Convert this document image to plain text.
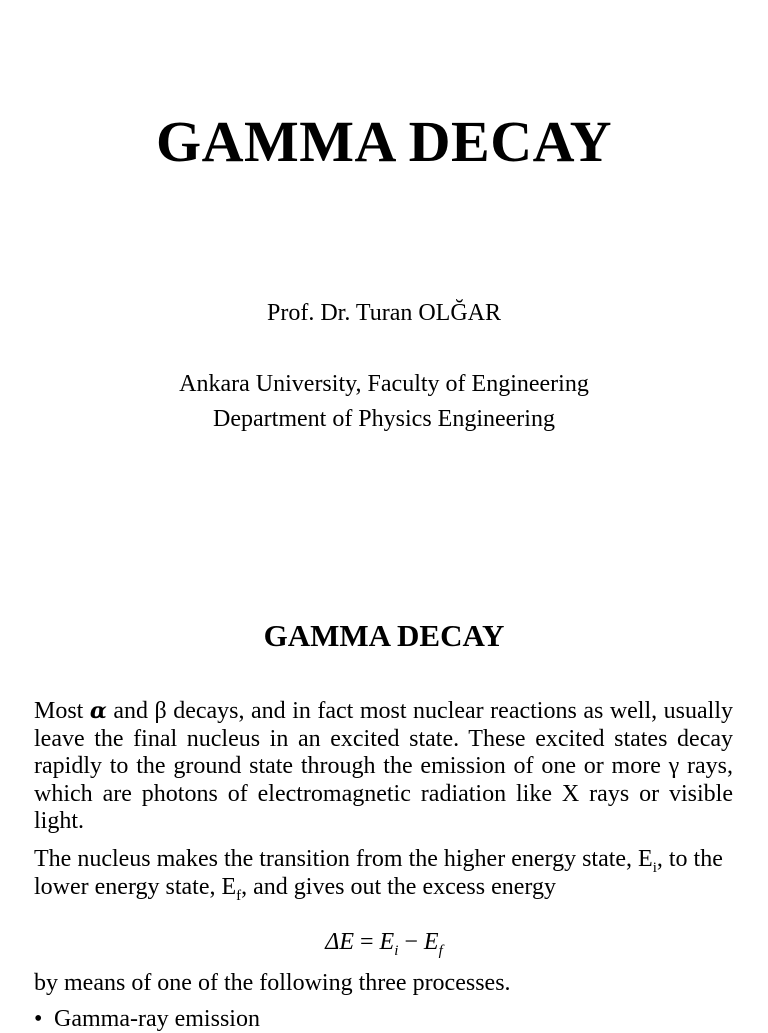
GAMMA DECAY
Prof. Dr. Turan OLĞAR
Ankara University, Faculty of Engineering
Department of Physics Engineering
GAMMA DECAY

Most α and β decays, and in fact most nuclear reactions as well, usually leave the final nucleus in an excited state. These excited states decay rapidly to the ground state through the emission of one or more γ rays, which are photons of electromagnetic radiation like X rays or visible light.

The nucleus makes the transition from the higher energy state, $E_i$, to the lower energy state, $E_f$, and gives out the excess energy

$\Delta E = E_i - E_f$
by means of one of the following three processes.
• Gamma-ray emission
